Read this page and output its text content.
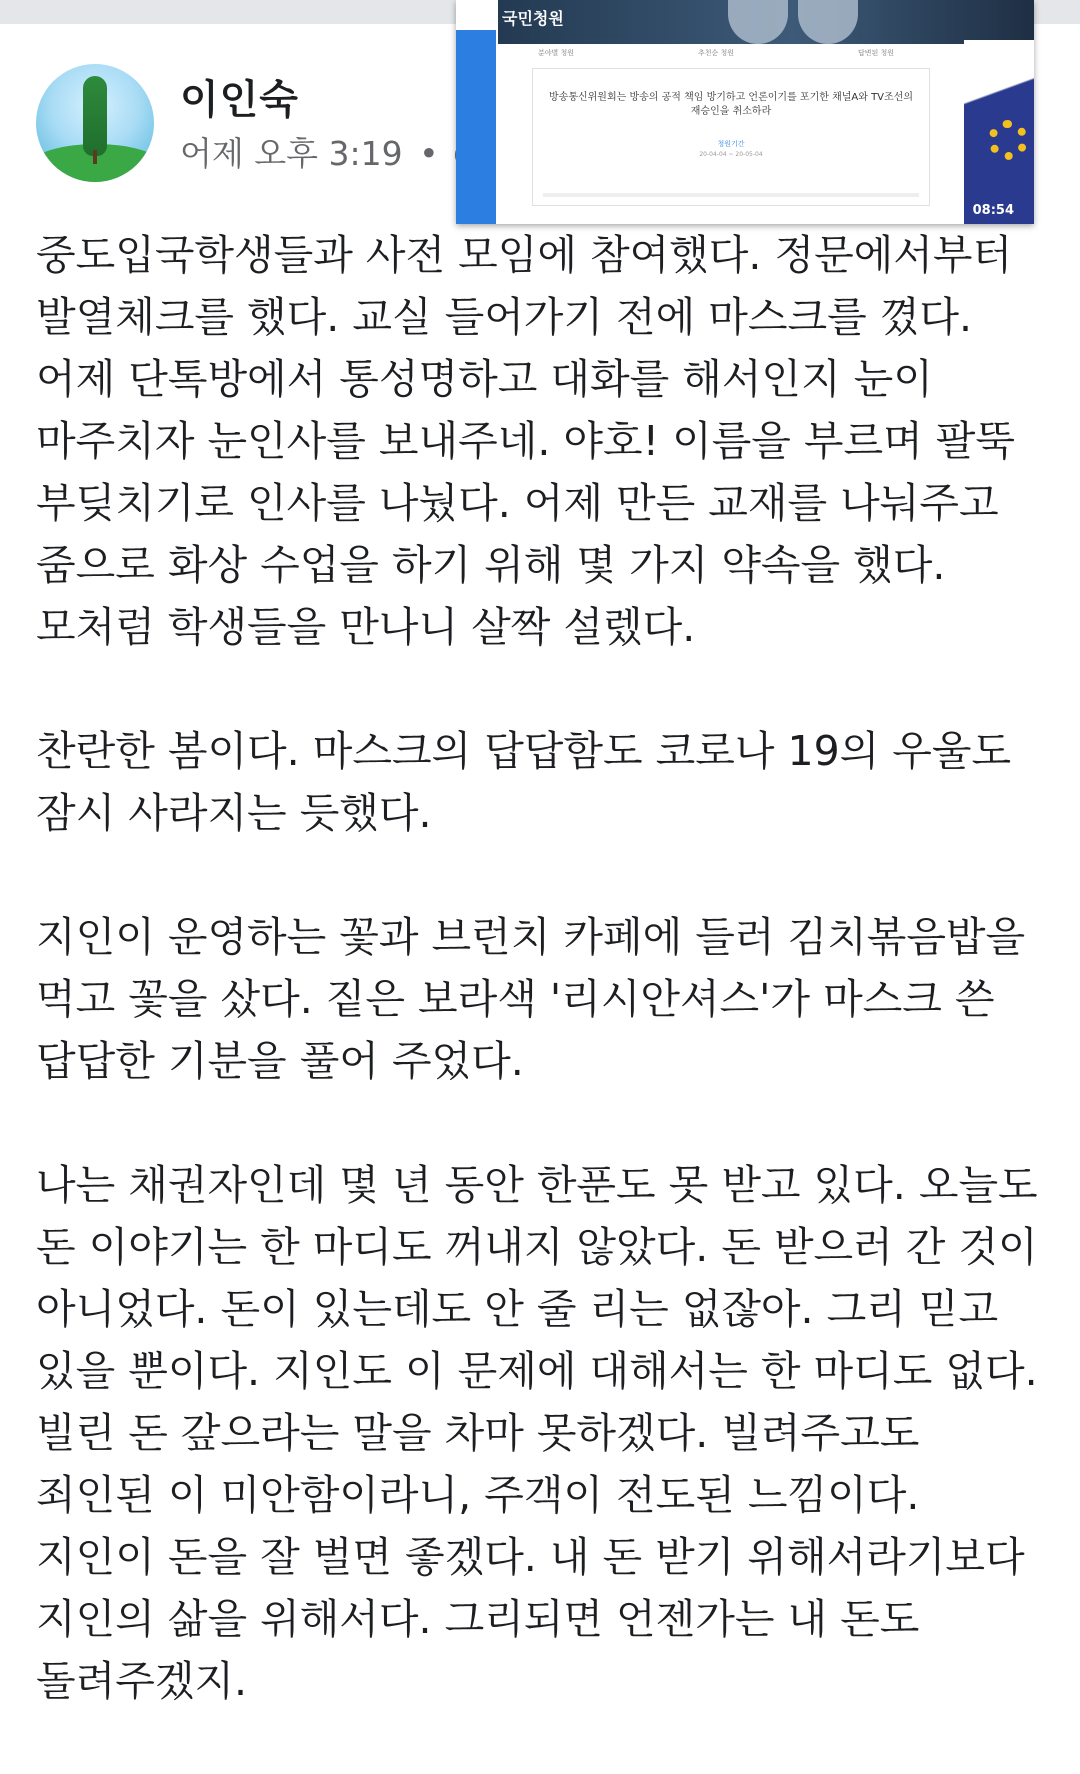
이인숙
어제 오후 3:19 •
국민청원
분야별 청원	추천순 청원	답변된 청원
방송통신위원회는 방송의 공적 책임 방기하고 언론이기를 포기한 채널A와 TV조선의 재승인을 취소하라
청원기간
20-04-04 ~ 20-05-04
08:54

중도입국학생들과 사전 모임에 참여했다. 정문에서부터
발열체크를 했다. 교실 들어가기 전에 마스크를 꼈다.
어제 단톡방에서 통성명하고 대화를 해서인지 눈이
마주치자 눈인사를 보내주네. 야호! 이름을 부르며 팔뚝
부딪치기로 인사를 나눴다. 어제 만든 교재를 나눠주고
줌으로 화상 수업을 하기 위해 몇 가지 약속을 했다.
모처럼 학생들을 만나니 살짝 설렜다.

찬란한 봄이다. 마스크의 답답함도 코로나 19의 우울도
잠시 사라지는 듯했다.

지인이 운영하는 꽃과 브런치 카페에 들러 김치볶음밥을
먹고 꽃을 샀다. 짙은 보라색 '리시안셔스'가 마스크 쓴
답답한 기분을 풀어 주었다.

나는 채권자인데 몇 년 동안 한푼도 못 받고 있다. 오늘도
돈 이야기는 한 마디도 꺼내지 않았다. 돈 받으러 간 것이
아니었다. 돈이 있는데도 안 줄 리는 없잖아. 그리 믿고
있을 뿐이다. 지인도 이 문제에 대해서는 한 마디도 없다.
빌린 돈 갚으라는 말을 차마 못하겠다. 빌려주고도
죄인된 이 미안함이라니, 주객이 전도된 느낌이다.
지인이 돈을 잘 벌면 좋겠다. 내 돈 받기 위해서라기보다
지인의 삶을 위해서다. 그리되면 언젠가는 내 돈도
돌려주겠지.
